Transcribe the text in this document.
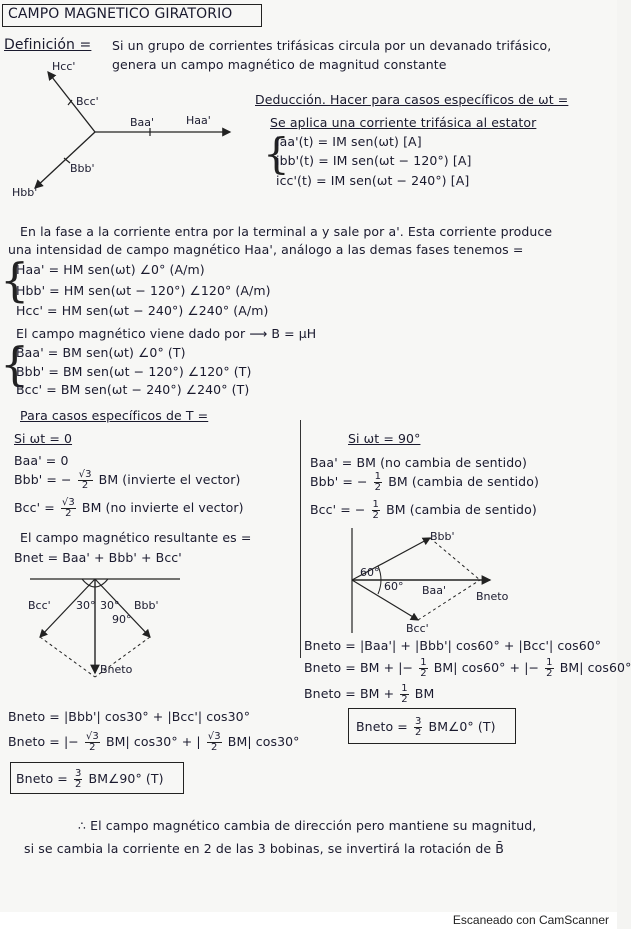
CAMPO MAGNETICO GIRATORIO
Definición = Si un grupo de corrientes trifásicas circula por un devanado trifásico,
genera un campo magnético de magnitud constante
Hcc'
Bcc'
Baa'	Haa'
Bbb'
Hbb'
Deducción. Hacer para casos específicos de ωt =
Se aplica una corriente trifásica al estator
{
iaa'(t) = IM sen(ωt) [A]
ibb'(t) = IM sen(ωt − 120°) [A]
icc'(t) = IM sen(ωt − 240°) [A]
En la fase a la corriente entra por la terminal a y sale por a'. Esta corriente produce
una intensidad de campo magnético Haa', análogo a las demas fases tenemos =
{
Haa' = HM sen(ωt) ∠0° (A/m)
Hbb' = HM sen(ωt − 120°) ∠120° (A/m)
Hcc' = HM sen(ωt − 240°) ∠240° (A/m)
El campo magnético viene dado por ⟶ B = μH
{
Baa' = BM sen(ωt) ∠0° (T)
Bbb' = BM sen(ωt − 120°) ∠120° (T)
Bcc' = BM sen(ωt − 240°) ∠240° (T)
Para casos específicos de T =
Si ωt = 0
Baa' = 0
Bbb' = − $\frac{√3}{2}$ BM (invierte el vector)
$Bcc' = \frac{√3}{2}$ BM (no invierte el vector)
El campo magnético resultante es =
Bnet = Baa' + Bbb' + Bcc'
Bcc'	Bbb'
30° 30°
90°
Bneto
Bneto = |Bbb'| cos30° + |Bcc'| cos30°
Bneto = |− $\frac{√3}{2} BM|$ cos30° + | $\frac{√3}{2} BM|$ cos30°
Bneto = $\frac{3}{2}$ BM∠90° (T)
Si ωt = 90°
Baa' = BM (no cambia de sentido)
Bbb' = − $\frac{1}{2}$ BM (cambia de sentido)
Bcc' = − $\frac{1}{2}$ BM (cambia de sentido)
Bbb'
60°
60° Baa'	Bneto
Bcc'
Bneto = |Baa'| + |Bbb'| cos60° + |Bcc'| cos60°
Bneto = BM + |− $\frac{1}{2} BM|$ cos60° + |− $\frac{1}{2} BM|$ cos60°
Bneto = BM + $\frac{1}{2}$ BM
Bneto = $\frac{3}{2}$ BM∠0° (T)
∴ El campo magnético cambia de dirección pero mantiene su magnitud,
si se cambia la corriente en 2 de las 3 bobinas, se invertirá la rotación de B̄
Escaneado con CamScanner
